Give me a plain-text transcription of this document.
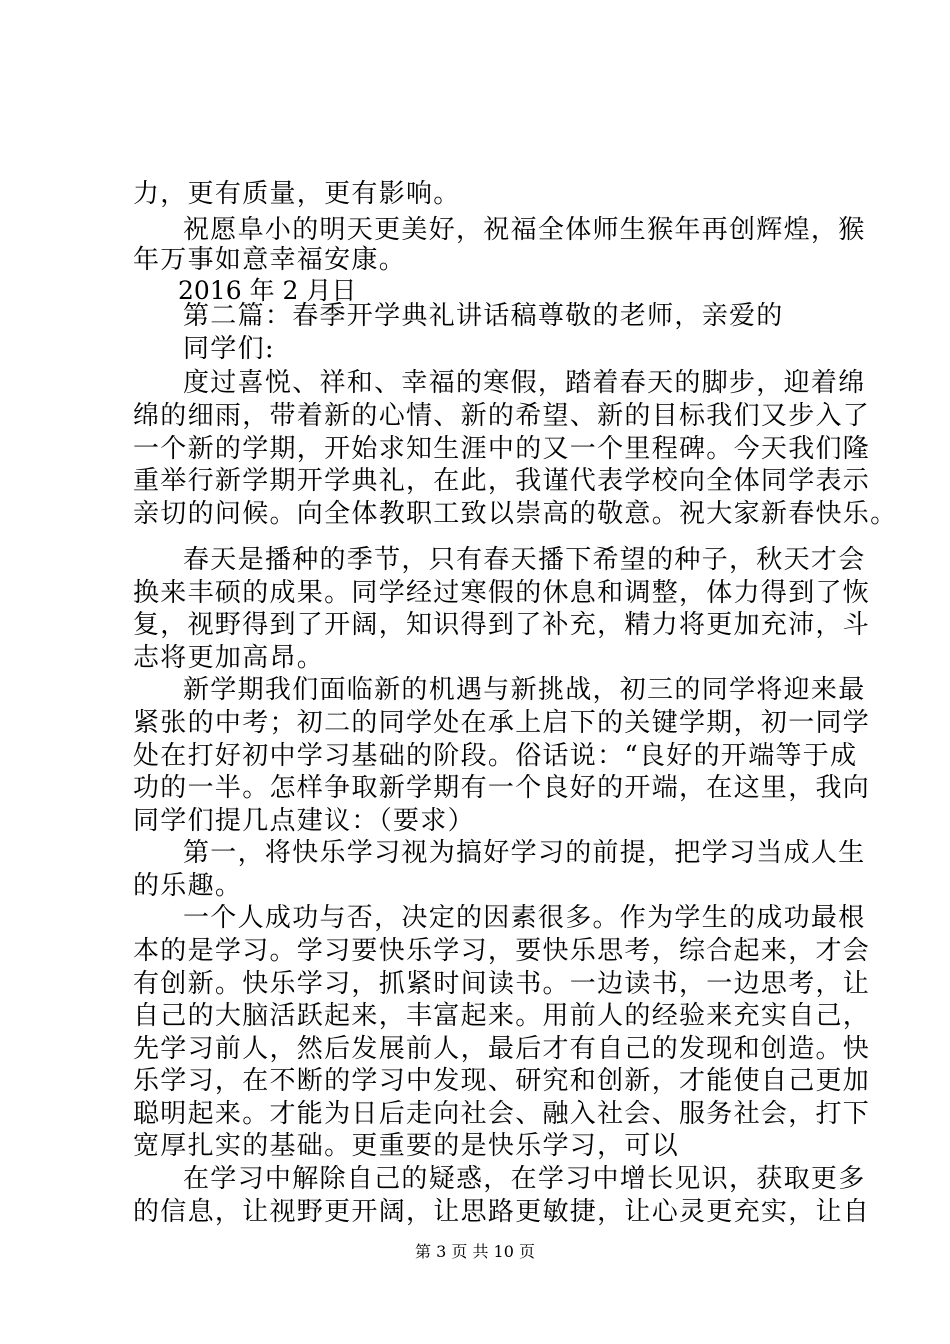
力，更有质量，更有影响。
祝愿阜小的明天更美好，祝福全体师生猴年再创辉煌，猴
年万事如意幸福安康。
2016 年 2 月日
第二篇：春季开学典礼讲话稿尊敬的老师，亲爱的
同学们:
度过喜悦、祥和、幸福的寒假，踏着春天的脚步，迎着绵
绵的细雨，带着新的心情、新的希望、新的目标我们又步入了
一个新的学期，开始求知生涯中的又一个里程碑。今天我们隆
重举行新学期开学典礼，在此，我谨代表学校向全体同学表示
亲切的问候。向全体教职工致以崇高的敬意。祝大家新春快乐。
春天是播种的季节，只有春天播下希望的种子，秋天才会
换来丰硕的成果。同学经过寒假的休息和调整，体力得到了恢
复，视野得到了开阔，知识得到了补充，精力将更加充沛，斗
志将更加高昂。
新学期我们面临新的机遇与新挑战，初三的同学将迎来最
紧张的中考；初二的同学处在承上启下的关键学期，初一同学
处在打好初中学习基础的阶段。俗话说：“良好的开端等于成
功的一半。怎样争取新学期有一个良好的开端，在这里，我向
同学们提几点建议：（要求）
第一，将快乐学习视为搞好学习的前提，把学习当成人生
的乐趣。
一个人成功与否，决定的因素很多。作为学生的成功最根
本的是学习。学习要快乐学习，要快乐思考，综合起来，才会
有创新。快乐学习，抓紧时间读书。一边读书，一边思考，让
自己的大脑活跃起来，丰富起来。用前人的经验来充实自己，
先学习前人，然后发展前人，最后才有自己的发现和创造。快
乐学习，在不断的学习中发现、研究和创新，才能使自己更加
聪明起来。才能为日后走向社会、融入社会、服务社会，打下
宽厚扎实的基础。更重要的是快乐学习，可以
在学习中解除自己的疑惑，在学习中增长见识，获取更多
的信息，让视野更开阔，让思路更敏捷，让心灵更充实，让自
第 3 页 共 10 页
